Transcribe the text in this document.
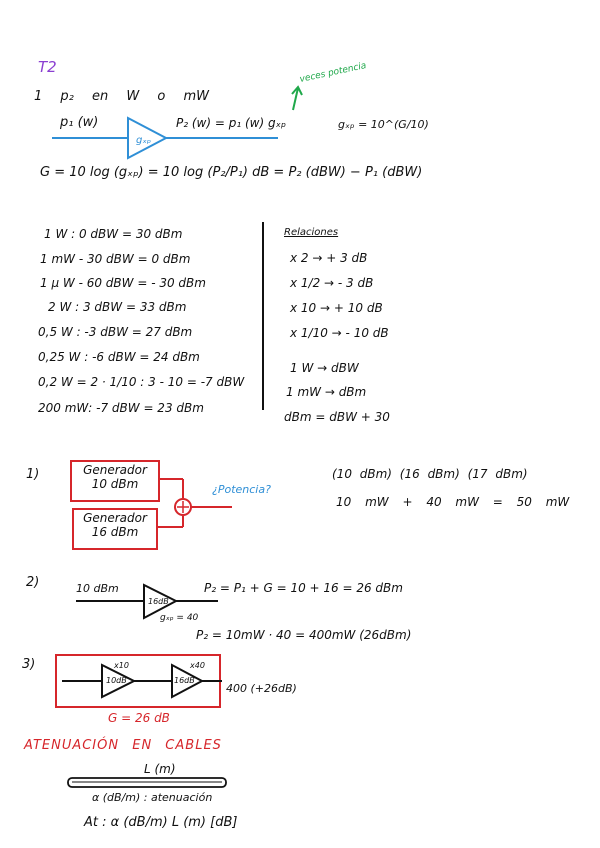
T2
1 p₂ en W o mW
veces potencia
p₁ (w)
gₓₚ
P₂ (w) = p₁ (w) gₓₚ	gₓₚ = 10^(G/10)
G = 10 log (gₓₚ) = 10 log (P₂/P₁) dB = P₂ (dBW) − P₁ (dBW)
1 W : 0 dBW = 30 dBm
1 mW - 30 dBW = 0 dBm
1 µ W - 60 dBW = - 30 dBm
2 W : 3 dBW = 33 dBm
0,5 W : -3 dBW = 27 dBm
0,25 W : -6 dBW = 24 dBm
0,2 W = 2 · 1/10 : 3 - 10 = -7 dBW
200 mW: -7 dBW = 23 dBm
Relaciones
x 2 → + 3 dB
x 1/2 → - 3 dB
x 10 → + 10 dB
x 1/10 → - 10 dB
1 W → dBW
1 mW → dBm
dBm = dBW + 30
1)	Generador
10 dBm
Generador
16 dBm
¿Potencia?
(10 dBm) (16 dBm) (17 dBm)
10 mW + 40 mW = 50 mW
2)	10 dBm
16dB
gₓₚ = 40
P₂ = P₁ + G = 10 + 16 = 26 dBm
P₂ = 10mW · 40 = 400mW (26dBm)
3)	x10
10dB
x40
16dB
400 (+26dB)
G = 26 dB
ATENUACIÓN EN CABLES
L (m)
α (dB/m) : atenuación
At : α (dB/m) L (m) [dB]
